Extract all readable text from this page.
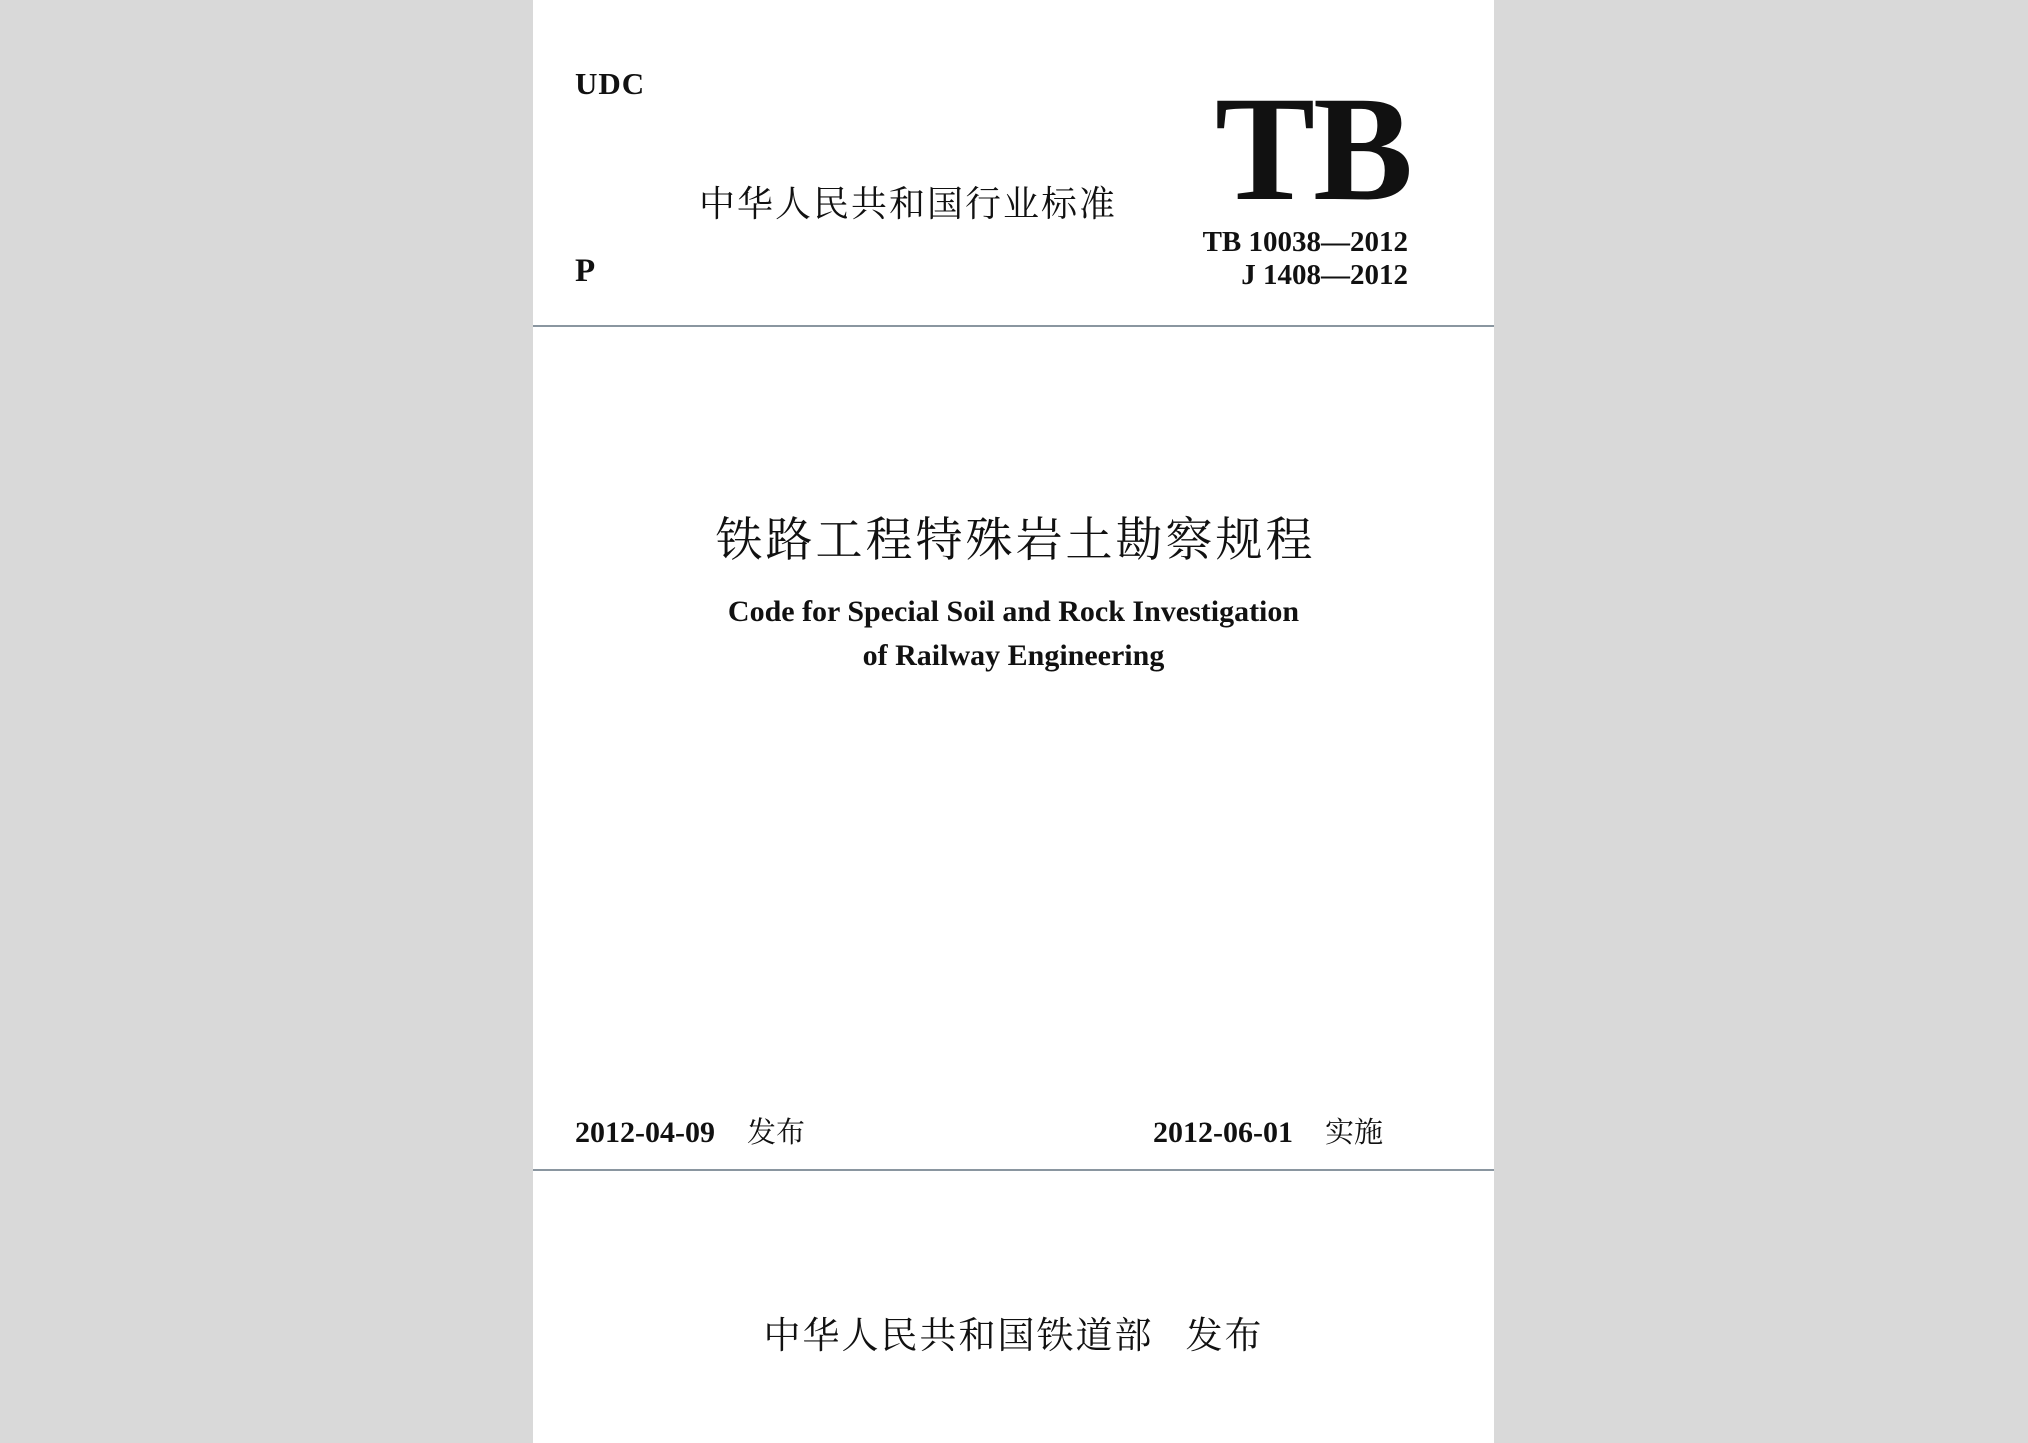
UDC
中华人民共和国行业标准 TB
P
TB 10038—2012
J 1408—2012
铁路工程特殊岩土勘察规程
Code for Special Soil and Rock Investigation
of Railway Engineering
2012-04-09 发布	2012-06-01 实施
中华人民共和国铁道部 发布
